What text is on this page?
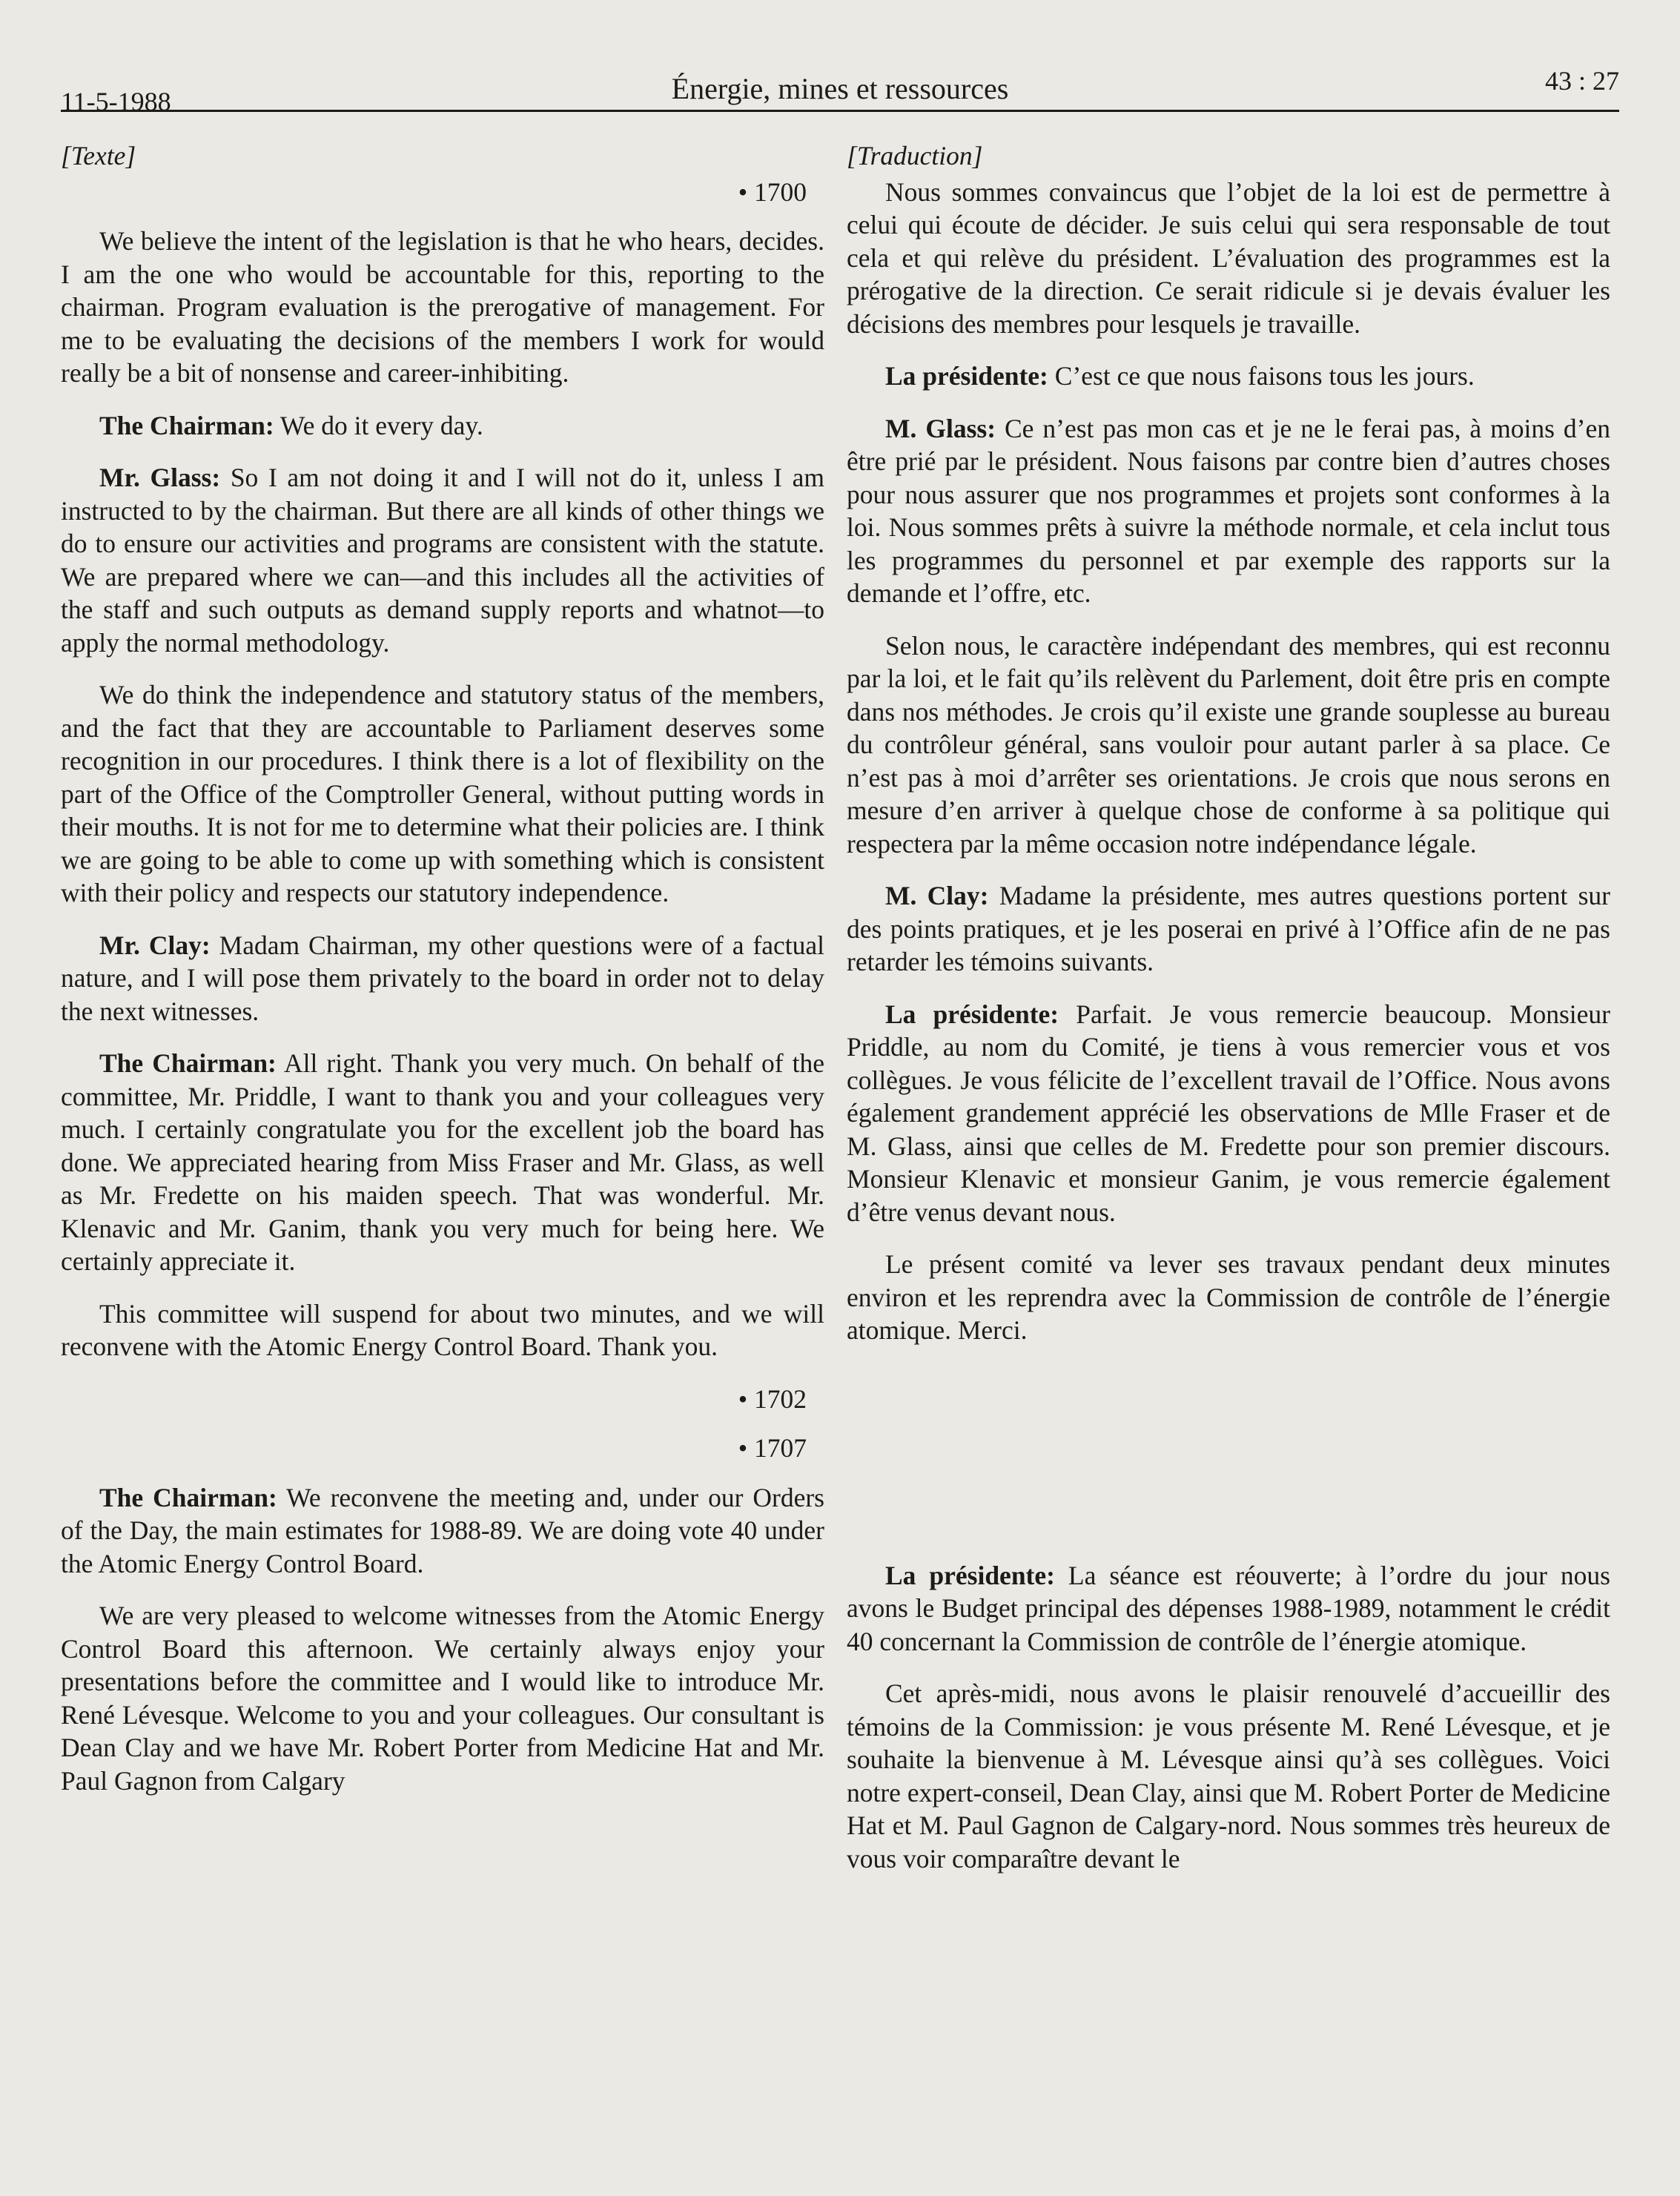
11-5-1988	Énergie, mines et ressources	43 : 27
[Texte]
• 1700

We believe the intent of the legislation is that he who hears, decides. I am the one who would be accountable for this, reporting to the chairman. Program evaluation is the prerogative of management. For me to be evaluating the decisions of the members I work for would really be a bit of nonsense and career-inhibiting.

The Chairman: We do it every day.

Mr. Glass: So I am not doing it and I will not do it, unless I am instructed to by the chairman. But there are all kinds of other things we do to ensure our activities and programs are consistent with the statute. We are prepared where we can—and this includes all the activities of the staff and such outputs as demand supply reports and whatnot—to apply the normal methodology.

We do think the independence and statutory status of the members, and the fact that they are accountable to Parliament deserves some recognition in our procedures. I think there is a lot of flexibility on the part of the Office of the Comptroller General, without putting words in their mouths. It is not for me to determine what their policies are. I think we are going to be able to come up with something which is consistent with their policy and respects our statutory independence.

Mr. Clay: Madam Chairman, my other questions were of a factual nature, and I will pose them privately to the board in order not to delay the next witnesses.

The Chairman: All right. Thank you very much. On behalf of the committee, Mr. Priddle, I want to thank you and your colleagues very much. I certainly congratulate you for the excellent job the board has done. We appreciated hearing from Miss Fraser and Mr. Glass, as well as Mr. Fredette on his maiden speech. That was wonderful. Mr. Klenavic and Mr. Ganim, thank you very much for being here. We certainly appreciate it.

This committee will suspend for about two minutes, and we will reconvene with the Atomic Energy Control Board. Thank you.

• 1702
• 1707

The Chairman: We reconvene the meeting and, under our Orders of the Day, the main estimates for 1988-89. We are doing vote 40 under the Atomic Energy Control Board.

We are very pleased to welcome witnesses from the Atomic Energy Control Board this afternoon. We certainly always enjoy your presentations before the committee and I would like to introduce Mr. René Lévesque. Welcome to you and your colleagues. Our consultant is Dean Clay and we have Mr. Robert Porter from Medicine Hat and Mr. Paul Gagnon from Calgary

[Traduction]

Nous sommes convaincus que l’objet de la loi est de permettre à celui qui écoute de décider. Je suis celui qui sera responsable de tout cela et qui relève du président. L’évaluation des programmes est la prérogative de la direction. Ce serait ridicule si je devais évaluer les décisions des membres pour lesquels je travaille.

La présidente: C’est ce que nous faisons tous les jours.

M. Glass: Ce n’est pas mon cas et je ne le ferai pas, à moins d’en être prié par le président. Nous faisons par contre bien d’autres choses pour nous assurer que nos programmes et projets sont conformes à la loi. Nous sommes prêts à suivre la méthode normale, et cela inclut tous les programmes du personnel et par exemple des rapports sur la demande et l’offre, etc.

Selon nous, le caractère indépendant des membres, qui est reconnu par la loi, et le fait qu’ils relèvent du Parlement, doit être pris en compte dans nos méthodes. Je crois qu’il existe une grande souplesse au bureau du contrôleur général, sans vouloir pour autant parler à sa place. Ce n’est pas à moi d’arrêter ses orientations. Je crois que nous serons en mesure d’en arriver à quelque chose de conforme à sa politique qui respectera par la même occasion notre indépendance légale.

M. Clay: Madame la présidente, mes autres questions portent sur des points pratiques, et je les poserai en privé à l’Office afin de ne pas retarder les témoins suivants.

La présidente: Parfait. Je vous remercie beaucoup. Monsieur Priddle, au nom du Comité, je tiens à vous remercier vous et vos collègues. Je vous félicite de l’excellent travail de l’Office. Nous avons également grandement apprécié les observations de Mlle Fraser et de M. Glass, ainsi que celles de M. Fredette pour son premier discours. Monsieur Klenavic et monsieur Ganim, je vous remercie également d’être venus devant nous.

Le présent comité va lever ses travaux pendant deux minutes environ et les reprendra avec la Commission de contrôle de l’énergie atomique. Merci.

La présidente: La séance est réouverte; à l’ordre du jour nous avons le Budget principal des dépenses 1988-1989, notamment le crédit 40 concernant la Commission de contrôle de l’énergie atomique.

Cet après-midi, nous avons le plaisir renouvelé d’accueillir des témoins de la Commission: je vous présente M. René Lévesque, et je souhaite la bienvenue à M. Lévesque ainsi qu’à ses collègues. Voici notre expert-conseil, Dean Clay, ainsi que M. Robert Porter de Medicine Hat et M. Paul Gagnon de Calgary-nord. Nous sommes très heureux de vous voir comparaître devant le
